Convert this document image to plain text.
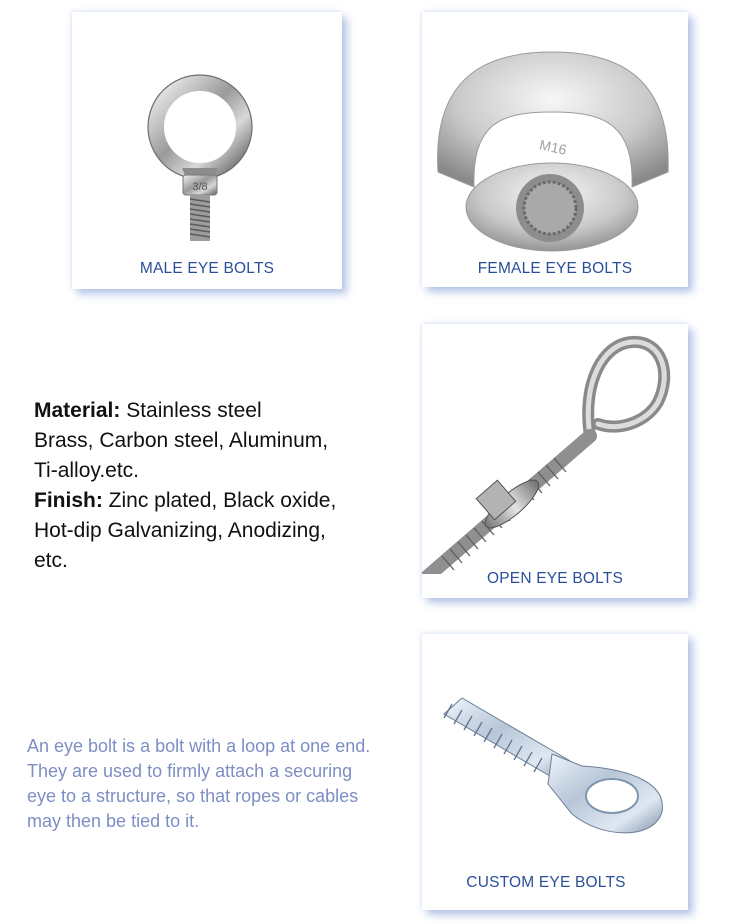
3/8
MALE EYE BOLTS
M16
FEMALE EYE BOLTS
Material: Stainless steel
Brass, Carbon steel, Aluminum,
Ti-alloy.etc.
Finish: Zinc plated, Black oxide,
Hot-dip Galvanizing, Anodizing,
etc.
OPEN EYE BOLTS
An eye bolt is a bolt with a loop at one end.
They are used to firmly attach a securing
eye to a structure, so that ropes or cables
may then be tied to it.
CUSTOM EYE BOLTS
